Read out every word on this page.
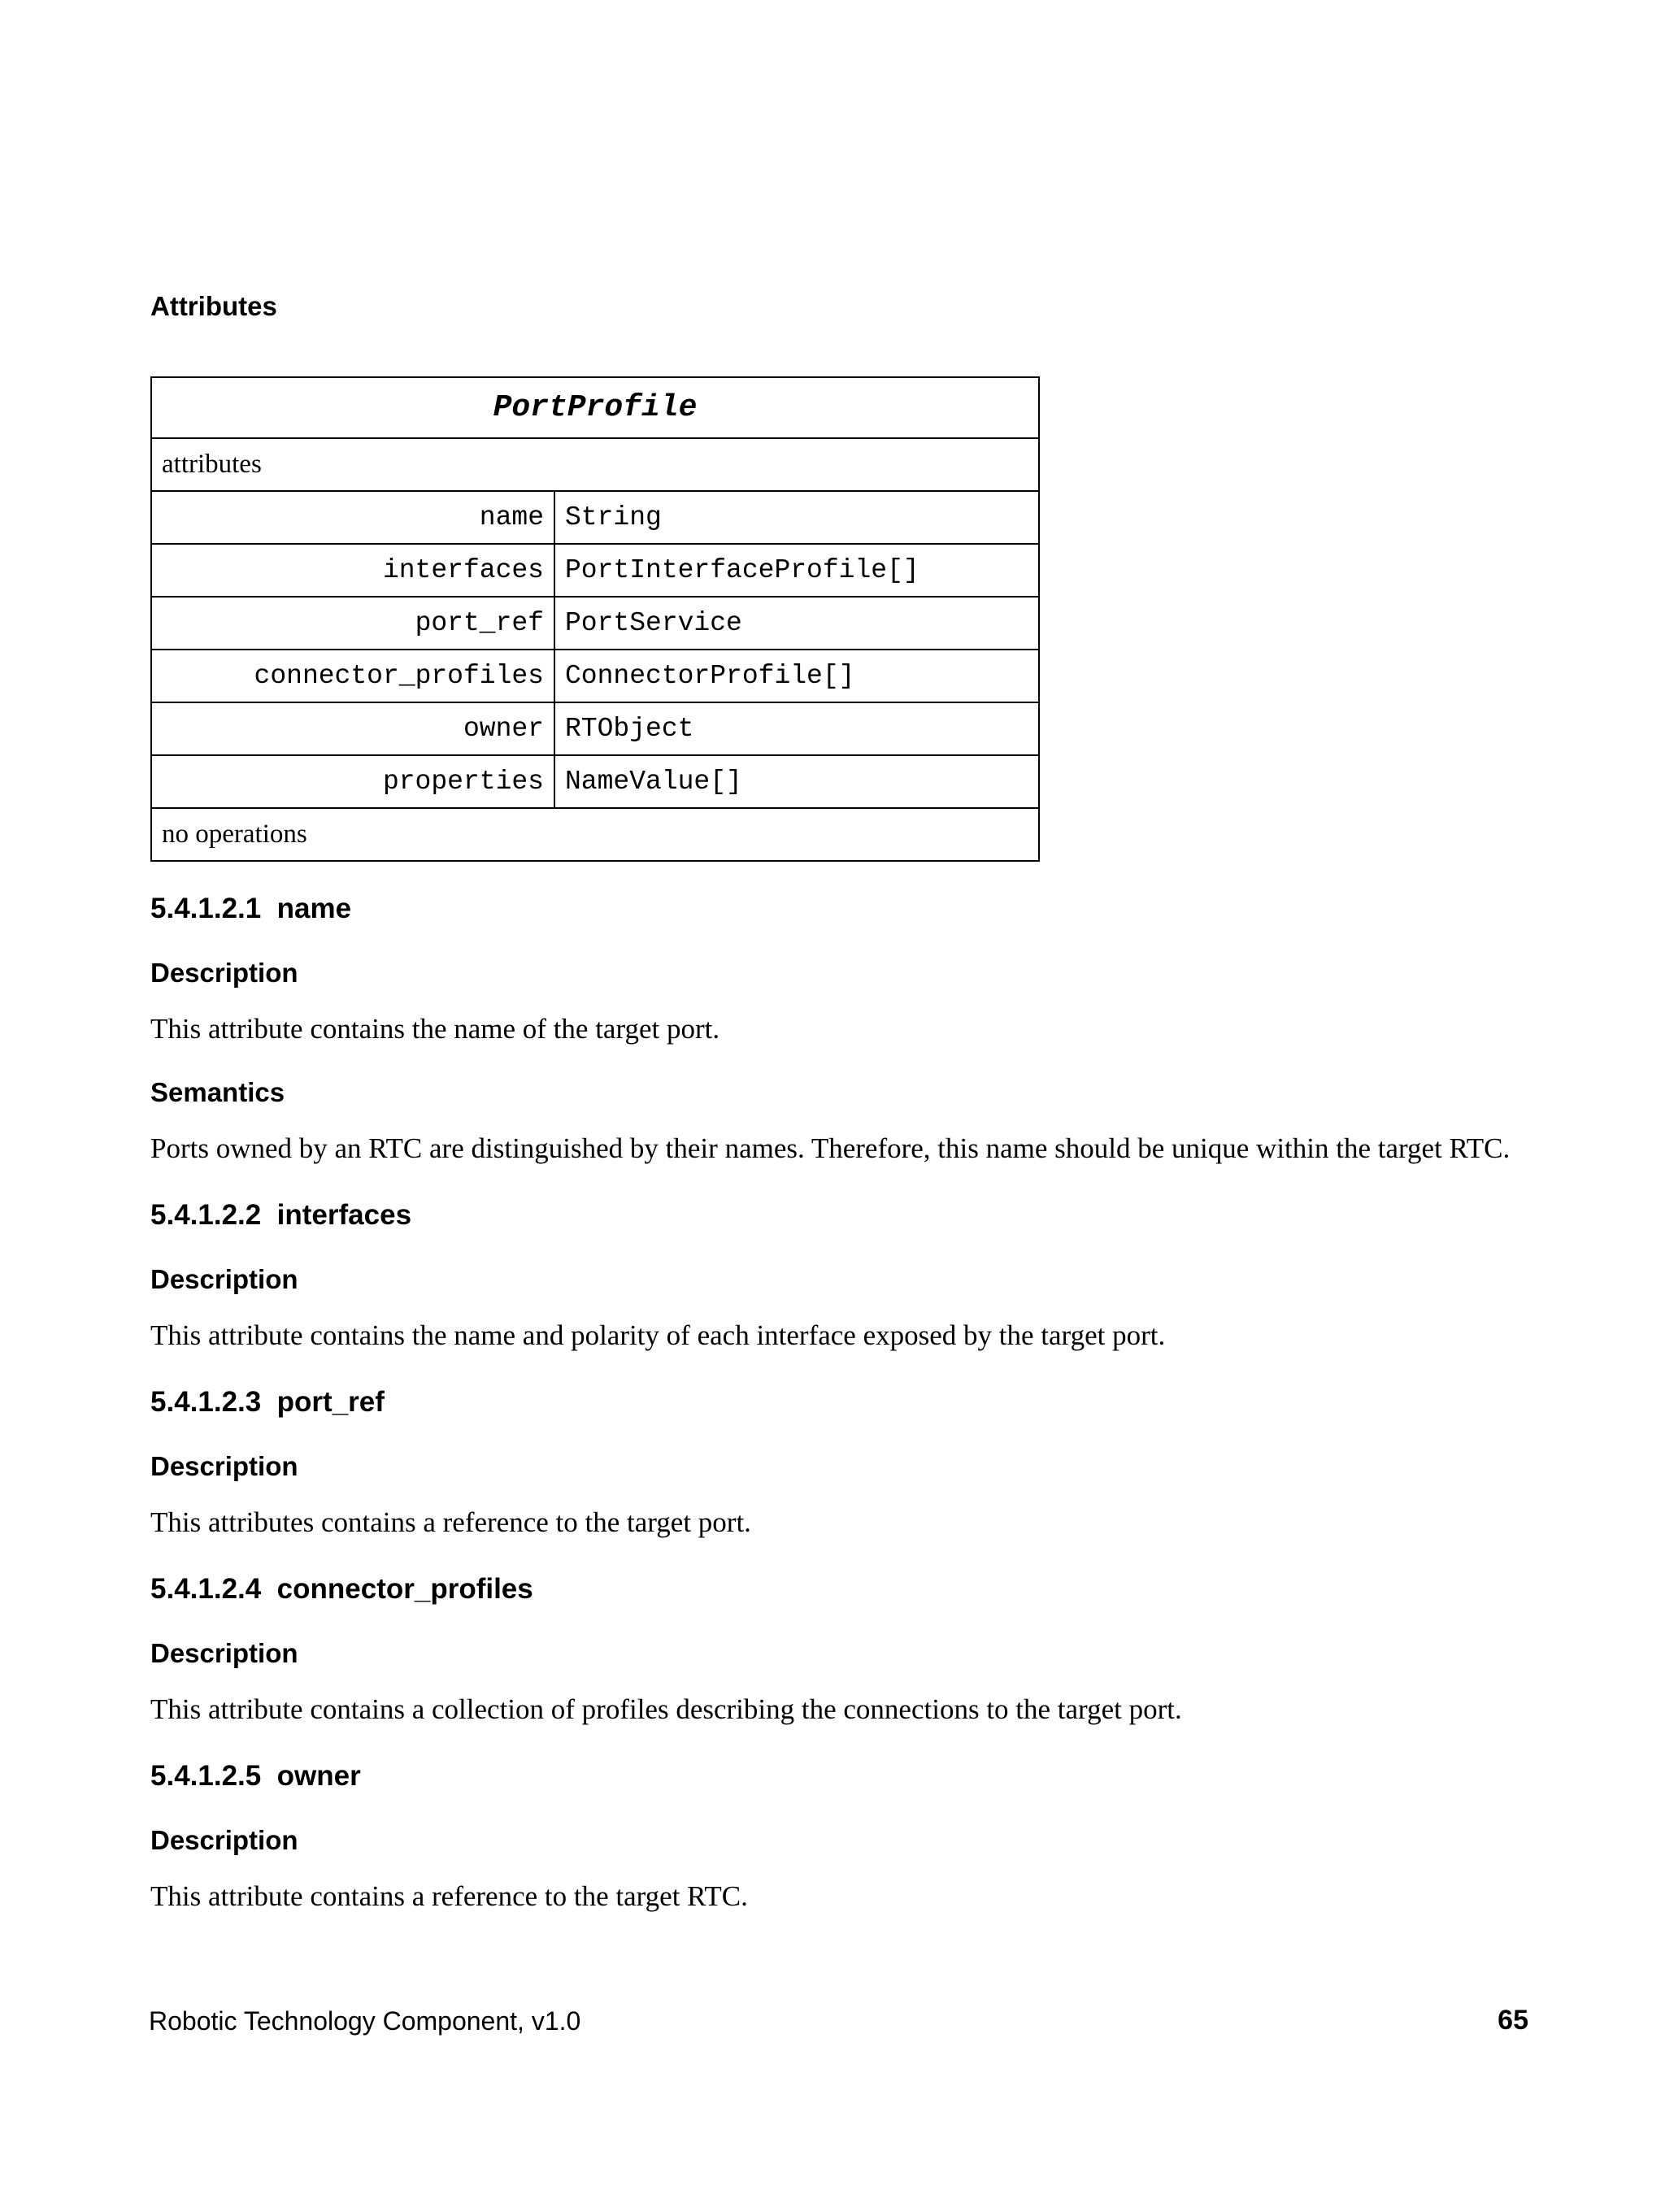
Attributes
PortProfile
attributes
name String
interfaces PortInterfaceProfile[]
port_ref PortService
connector_profiles ConnectorProfile[]
owner RTObject
properties NameValue[]
no operations
5.4.1.2.1  name
Description
This attribute contains the name of the target port.
Semantics
Ports owned by an RTC are distinguished by their names. Therefore, this name should be unique within the target RTC.
5.4.1.2.2  interfaces
Description
This attribute contains the name and polarity of each interface exposed by the target port.
5.4.1.2.3  port_ref
Description
This attributes contains a reference to the target port.
5.4.1.2.4  connector_profiles
Description
This attribute contains a collection of profiles describing the connections to the target port.
5.4.1.2.5  owner
Description
This attribute contains a reference to the target RTC.
Robotic Technology Component, v1.0	65
